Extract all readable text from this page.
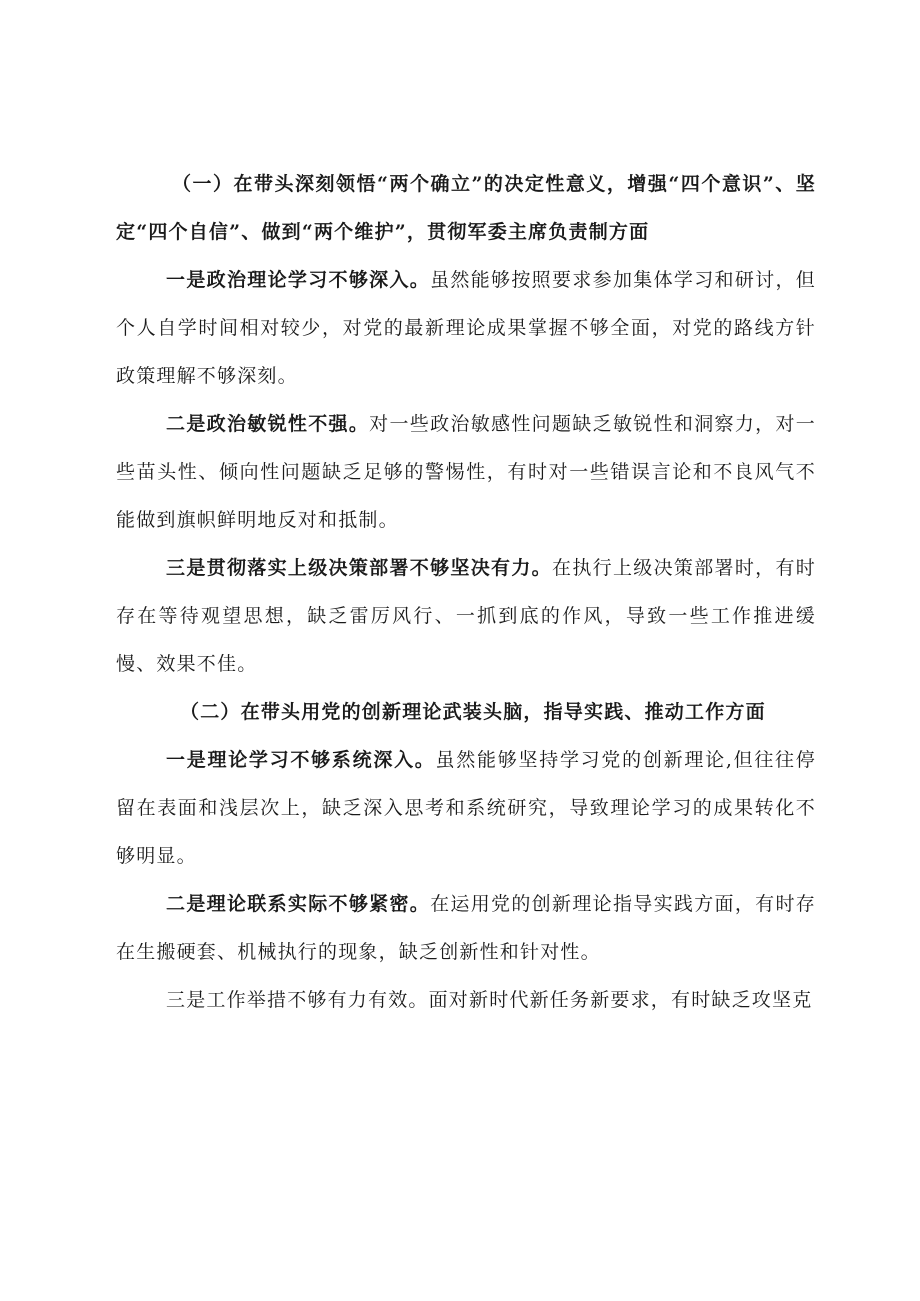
（一）在带头深刻领悟“两个确立”的决定性意义，增强“四个意识”、坚定“四个自信”、做到“两个维护”，贯彻军委主席负责制方面

一是政治理论学习不够深入。虽然能够按照要求参加集体学习和研讨，但个人自学时间相对较少，对党的最新理论成果掌握不够全面，对党的路线方针政策理解不够深刻。

二是政治敏锐性不强。对一些政治敏感性问题缺乏敏锐性和洞察力，对一些苗头性、倾向性问题缺乏足够的警惕性，有时对一些错误言论和不良风气不能做到旗帜鲜明地反对和抵制。

三是贯彻落实上级决策部署不够坚决有力。在执行上级决策部署时，有时存在等待观望思想，缺乏雷厉风行、一抓到底的作风，导致一些工作推进缓慢、效果不佳。

（二）在带头用党的创新理论武装头脑，指导实践、推动工作方面

一是理论学习不够系统深入。虽然能够坚持学习党的创新理论,但往往停留在表面和浅层次上，缺乏深入思考和系统研究，导致理论学习的成果转化不够明显。

二是理论联系实际不够紧密。在运用党的创新理论指导实践方面，有时存在生搬硬套、机械执行的现象，缺乏创新性和针对性。

三是工作举措不够有力有效。面对新时代新任务新要求，有时缺乏攻坚克
